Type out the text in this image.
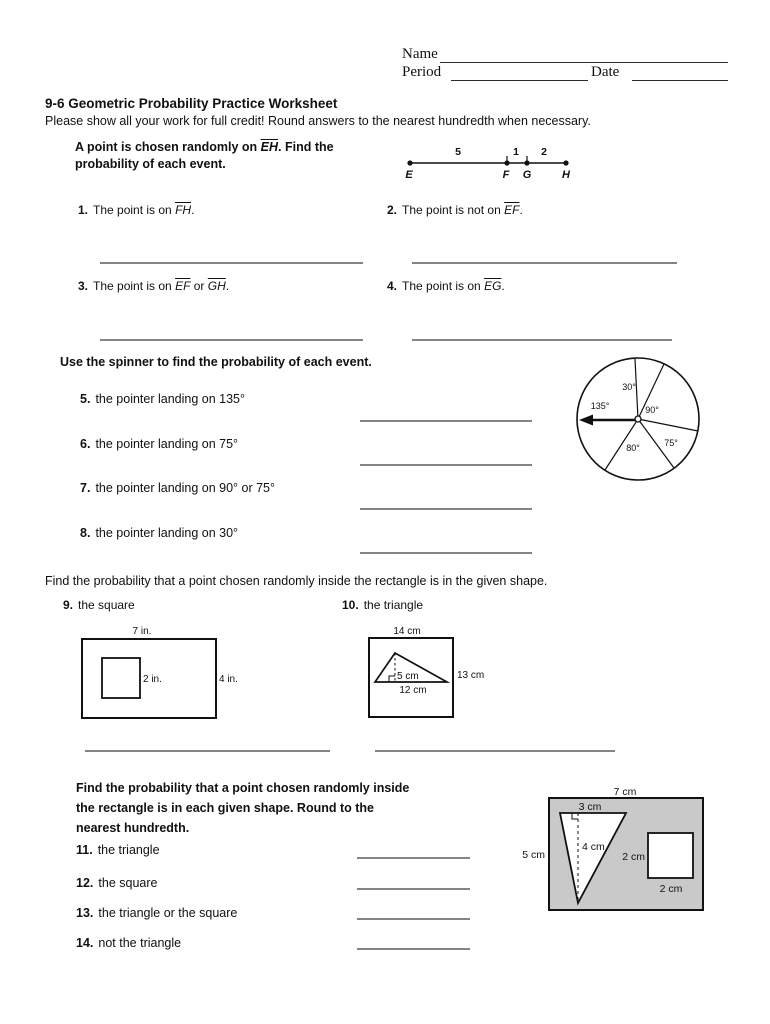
Name
Period	Date
9-6 Geometric Probability Practice Worksheet
Please show all your work for full credit! Round answers to the nearest hundredth when necessary.
A point is chosen randomly on $\overline{EH}$. Find the
probability of each event.
5	1 2
E	F G	H
1. The point is on $\overline{FH}$.	2. The point is not on $\overline{EF}$.
3. The point is on $\overline{EF}$ or $\overline{GH}$.	4. The point is on $\overline{EG}$.
Use the spinner to find the probability of each event.
5. the pointer landing on 135°
6. the pointer landing on 75°
7. the pointer landing on 90° or 75°
8. the pointer landing on 30°
30°
90°
75°
80°
135°
Find the probability that a point chosen randomly inside the rectangle is in the given shape.
9. the square	10. the triangle
7 in.
2 in.	4 in.
14 cm
5 cm
12 cm
13 cm
Find the probability that a point chosen randomly inside
the rectangle is in each given shape. Round to the
nearest hundredth.
11. the triangle
12. the square
13. the triangle or the square
14. not the triangle
7 cm
5 cm
3 cm
4 cm
2 cm
2 cm
